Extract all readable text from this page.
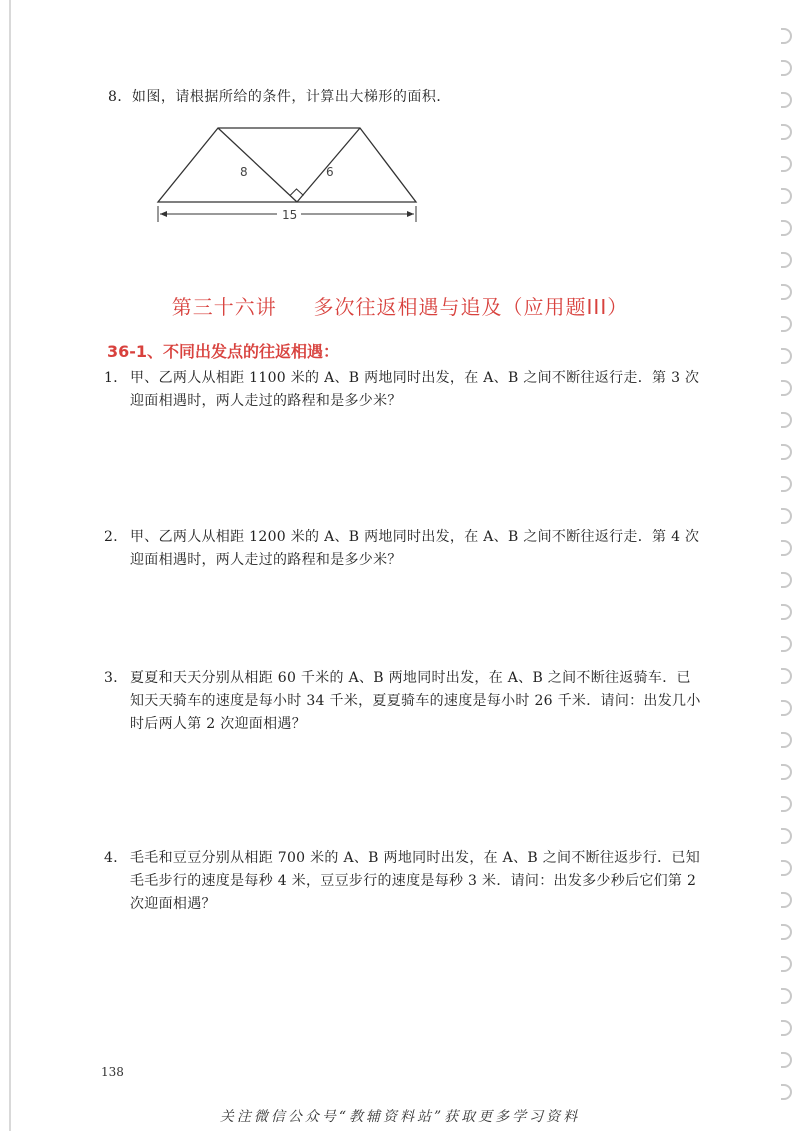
8．如图，请根据所给的条件，计算出大梯形的面积．
8	6
15
第三十六讲     多次往返相遇与追及（应用题III）
36-1、不同出发点的往返相遇：
1． 甲、乙两人从相距 1100 米的 A、B 两地同时出发，在 A、B 之间不断往返行走．第 3 次
迎面相遇时，两人走过的路程和是多少米？
2． 甲、乙两人从相距 1200 米的 A、B 两地同时出发，在 A、B 之间不断往返行走．第 4 次
迎面相遇时，两人走过的路程和是多少米？
3． 夏夏和天天分别从相距 60 千米的 A、B 两地同时出发，在 A、B 之间不断往返骑车．已
知天天骑车的速度是每小时 34 千米，夏夏骑车的速度是每小时 26 千米．请问：出发几小
时后两人第 2 次迎面相遇？
4． 毛毛和豆豆分别从相距 700 米的 A、B 两地同时出发，在 A、B 之间不断往返步行．已知
毛毛步行的速度是每秒 4 米，豆豆步行的速度是每秒 3 米．请问：出发多少秒后它们第 2
次迎面相遇？
138
关注微信公众号“教辅资料站”获取更多学习资料
